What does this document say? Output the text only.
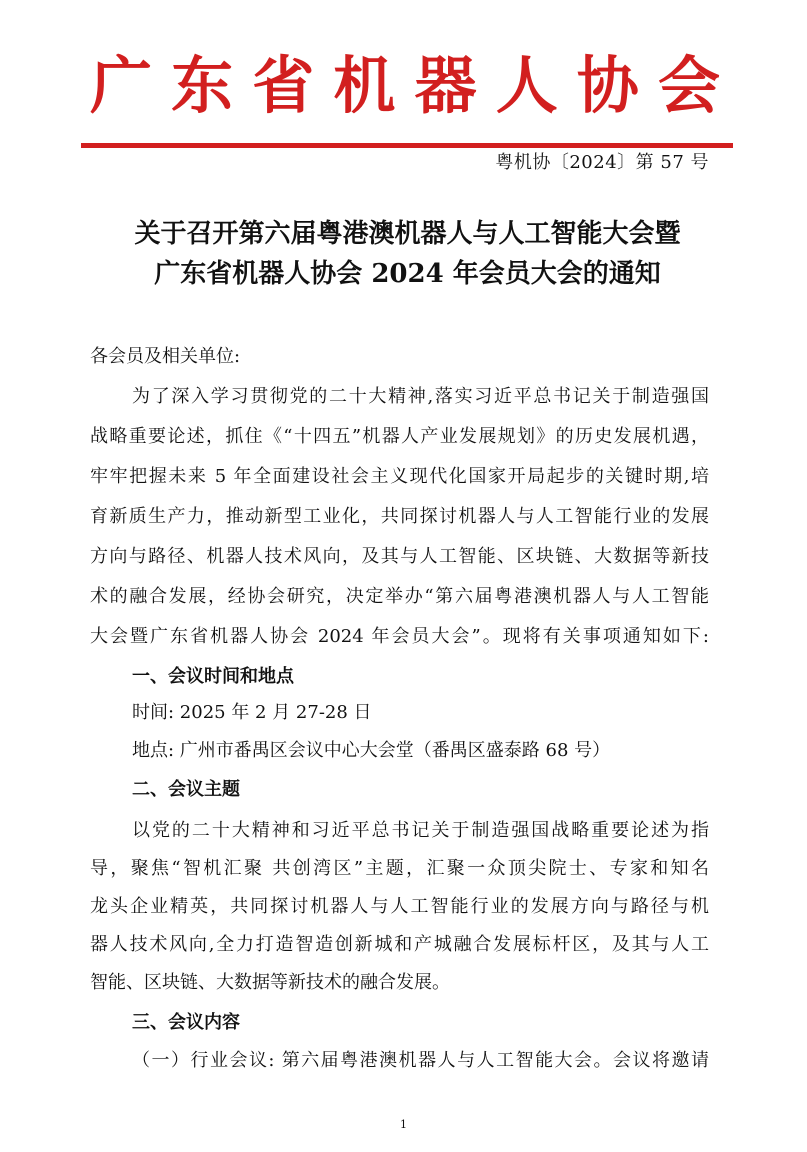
广 东 省 机 器 人 协 会
粤机协〔2024〕第 57 号
关于召开第六届粤港澳机器人与人工智能大会暨
广东省机器人协会 2024 年会员大会的通知
各会员及相关单位:
为了深入学习贯彻党的二十大精神,落实习近平总书记关于制造强国
战略重要论述，抓住《“十四五”机器人产业发展规划》的历史发展机遇，
牢牢把握未来 5 年全面建设社会主义现代化国家开局起步的关键时期,培
育新质生产力，推动新型工业化，共同探讨机器人与人工智能行业的发展
方向与路径、机器人技术风向，及其与人工智能、区块链、大数据等新技
术的融合发展，经协会研究，决定举办“第六届粤港澳机器人与人工智能
大会暨广东省机器人协会 2024 年会员大会”。现将有关事项通知如下:
一、会议时间和地点
时间: 2025 年 2 月 27-28 日
地点: 广州市番禺区会议中心大会堂（番禺区盛泰路 68 号）
二、会议主题
以党的二十大精神和习近平总书记关于制造强国战略重要论述为指
导，聚焦“智机汇聚 共创湾区”主题，汇聚一众顶尖院士、专家和知名
龙头企业精英，共同探讨机器人与人工智能行业的发展方向与路径与机
器人技术风向,全力打造智造创新城和产城融合发展标杆区，及其与人工
智能、区块链、大数据等新技术的融合发展。
三、会议内容
（一）行业会议: 第六届粤港澳机器人与人工智能大会。会议将邀请
1
